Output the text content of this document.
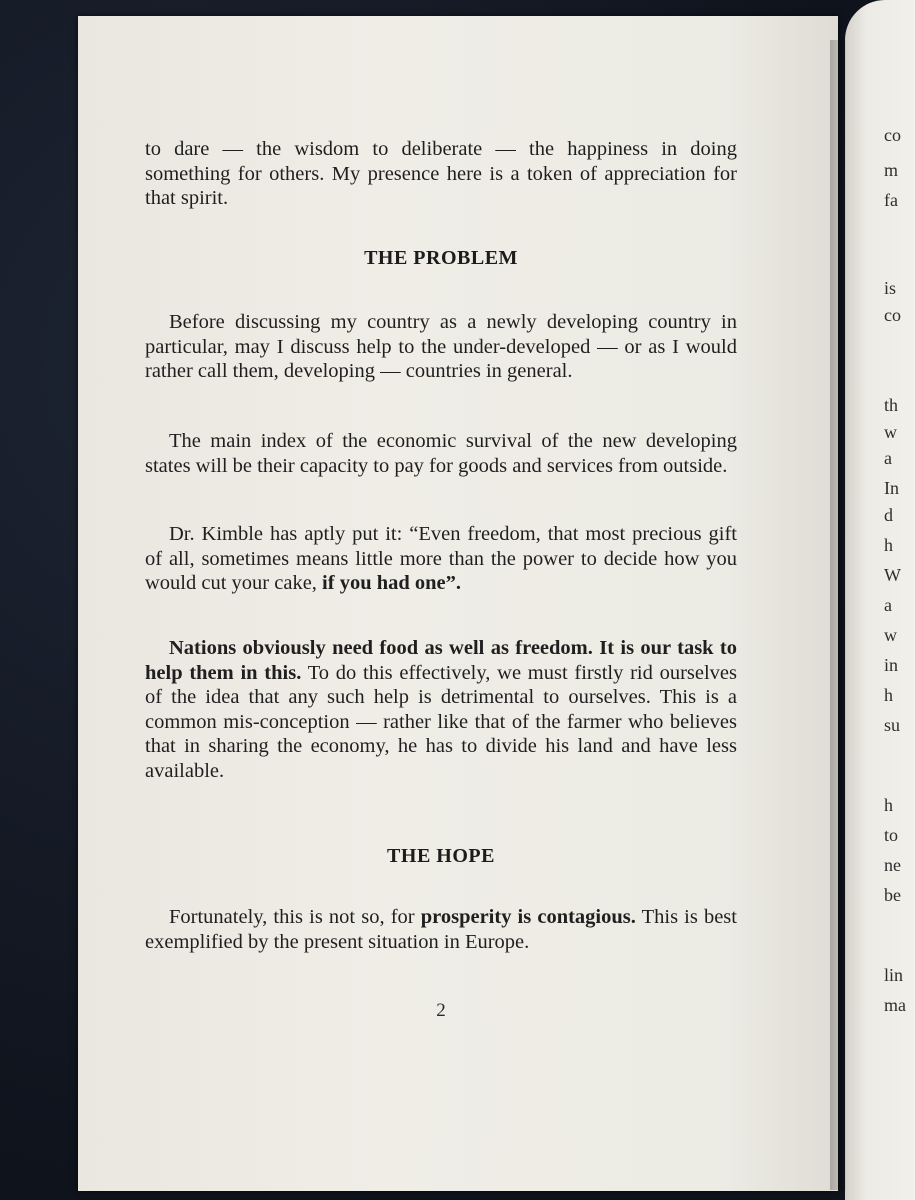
to dare — the wisdom to deliberate — the happiness in doing something for others. My presence here is a token of appreciation for that spirit.
THE PROBLEM
Before discussing my country as a newly developing country in particular, may I discuss help to the under-developed — or as I would rather call them, developing — countries in general.
The main index of the economic survival of the new developing states will be their capacity to pay for goods and services from outside.
Dr. Kimble has aptly put it: “Even freedom, that most precious gift of all, sometimes means little more than the power to decide how you would cut your cake, if you had one”.
Nations obviously need food as well as freedom. It is our task to help them in this. To do this effectively, we must firstly rid ourselves of the idea that any such help is detrimental to ourselves. This is a common mis-conception — rather like that of the farmer who believes that in sharing the economy, he has to divide his land and have less available.
THE HOPE
Fortunately, this is not so, for prosperity is contagious. This is best exemplified by the present situation in Europe.
2
co
m
fa
is
co
th
w
a
In
d
h
W
a
w
in
h
su
h
to
ne
be
lin
ma
